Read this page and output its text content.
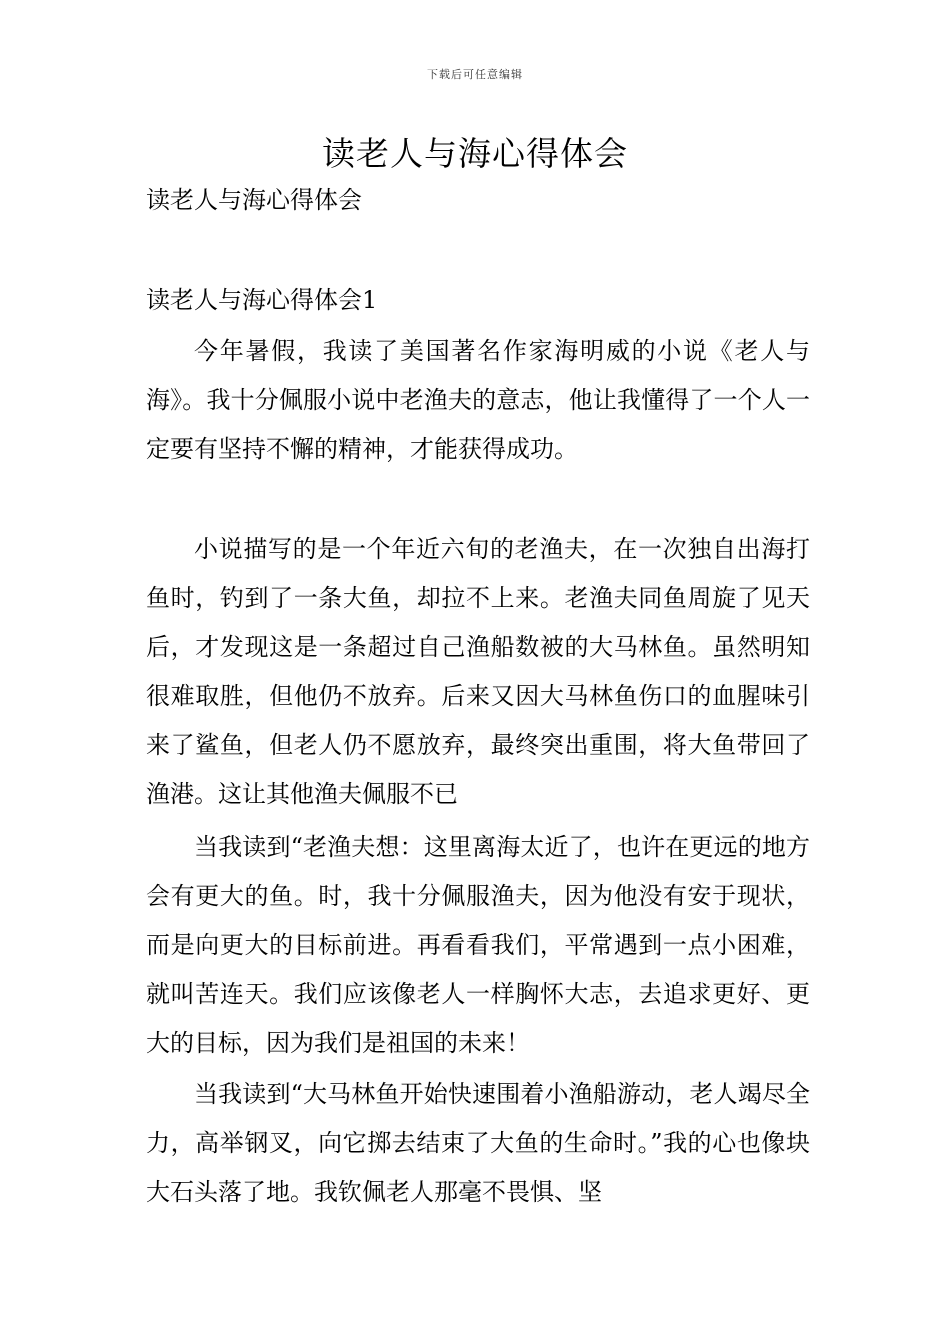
下载后可任意编辑
读老人与海心得体会
读老人与海心得体会
读老人与海心得体会1

今年暑假，我读了美国著名作家海明威的小说《老人与海》。我十分佩服小说中老渔夫的意志，他让我懂得了一个人一定要有坚持不懈的精神，才能获得成功。

小说描写的是一个年近六旬的老渔夫，在一次独自出海打鱼时，钓到了一条大鱼，却拉不上来。老渔夫同鱼周旋了见天后，才发现这是一条超过自己渔船数被的大马林鱼。虽然明知很难取胜，但他仍不放弃。后来又因大马林鱼伤口的血腥味引来了鲨鱼，但老人仍不愿放弃，最终突出重围，将大鱼带回了渔港。这让其他渔夫佩服不已

当我读到“老渔夫想：这里离海太近了，也许在更远的地方会有更大的鱼。时，我十分佩服渔夫，因为他没有安于现状，而是向更大的目标前进。再看看我们，平常遇到一点小困难，就叫苦连天。我们应该像老人一样胸怀大志，去追求更好、更大的目标，因为我们是祖国的未来！

当我读到“大马林鱼开始快速围着小渔船游动，老人竭尽全力，高举钢叉，向它掷去结束了大鱼的生命时。”我的心也像块大石头落了地。我钦佩老人那毫不畏惧、坚
